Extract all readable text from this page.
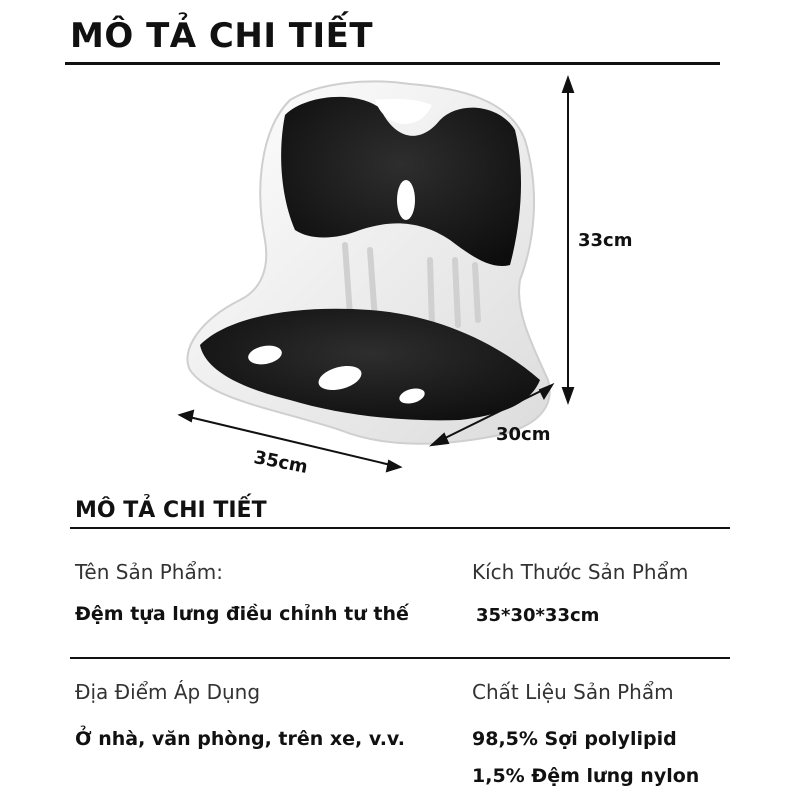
MÔ TẢ CHI TIẾT
33cm
30cm
35cm
MÔ TẢ CHI TIẾT
Tên Sản Phẩm:	Kích Thước Sản Phẩm
Đệm tựa lưng điều chỉnh tư thế	35*30*33cm
Địa Điểm Áp Dụng	Chất Liệu Sản Phẩm
Ở nhà, văn phòng, trên xe, v.v.	98,5% Sợi polylipid
1,5% Đệm lưng nylon
